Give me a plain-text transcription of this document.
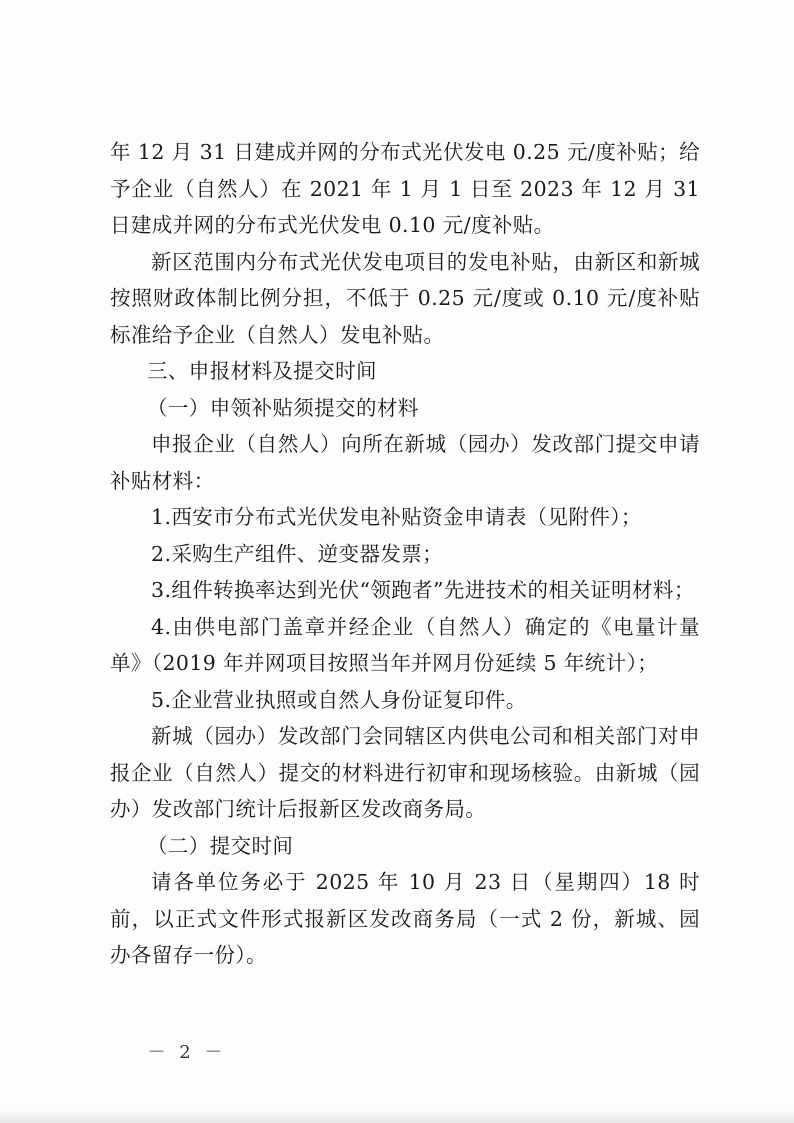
年 12 月 31 日建成并网的分布式光伏发电 0.25 元/度补贴；给予企业（自然人）在 2021 年 1 月 1 日至 2023 年 12 月 31 日建成并网的分布式光伏发电 0.10 元/度补贴。

新区范围内分布式光伏发电项目的发电补贴，由新区和新城按照财政体制比例分担，不低于 0.25 元/度或 0.10 元/度补贴标准给予企业（自然人）发电补贴。

三、申报材料及提交时间

（一）申领补贴须提交的材料

申报企业（自然人）向所在新城（园办）发改部门提交申请补贴材料：

1.西安市分布式光伏发电补贴资金申请表（见附件）；

2.采购生产组件、逆变器发票；

3.组件转换率达到光伏“领跑者”先进技术的相关证明材料；

4.由供电部门盖章并经企业（自然人）确定的《电量计量单》（2019 年并网项目按照当年并网月份延续 5 年统计）；

5.企业营业执照或自然人身份证复印件。

新城（园办）发改部门会同辖区内供电公司和相关部门对申报企业（自然人）提交的材料进行初审和现场核验。由新城（园办）发改部门统计后报新区发改商务局。

（二）提交时间

请各单位务必于 2025 年 10 月 23 日（星期四）18 时前，以正式文件形式报新区发改商务局（一式 2 份，新城、园办各留存一份）。

－ 2 －
